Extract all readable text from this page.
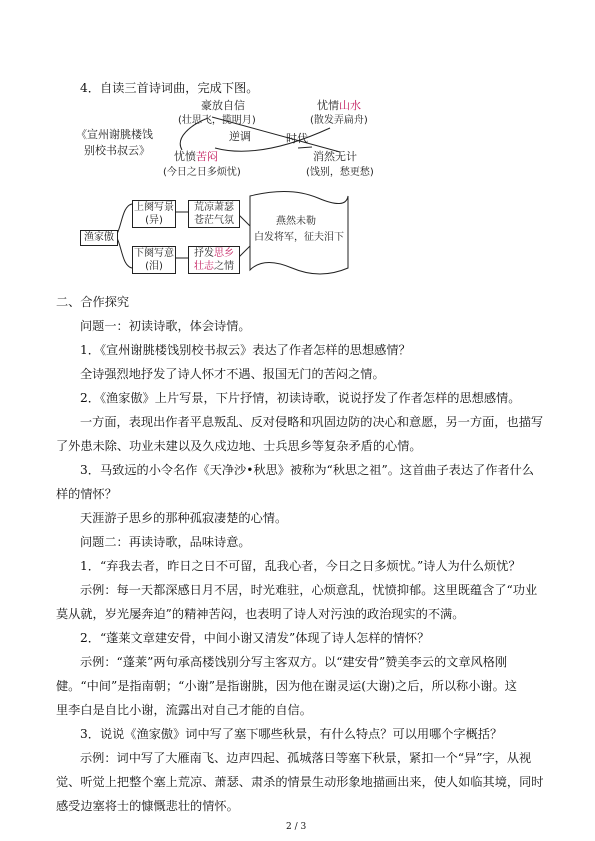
4．自读三首诗词曲，完成下图。
《宣州谢朓楼饯
别校书叔云》
豪放自信
(壮思飞，揽明月)
逆调	时代
忧愤苦闷
(今日之日多烦忧)
忧情山水
(散发弄扁舟)
消然无计
(饯别，愁更愁)
渔家傲
上阕写景
(异)
下阕写意
(泪)
荒凉萧瑟
苍茫气氛
抒发思乡
壮志之情
燕然未勒
白发将军，征夫泪下
二、合作探究
问题一：初读诗歌，体会诗情。
1．《宣州谢朓楼饯别校书叔云》表达了作者怎样的思想感情？
全诗强烈地抒发了诗人怀才不遇、报国无门的苦闷之情。
2．《渔家傲》上片写景，下片抒情，初读诗歌，说说抒发了作者怎样的思想感情。
一方面，表现出作者平息叛乱、反对侵略和巩固边防的决心和意愿，另一方面，也描写
了外患未除、功业未建以及久戍边地、士兵思乡等复杂矛盾的心情。
3．马致远的小令名作《天净沙•秋思》被称为“秋思之祖”。这首曲子表达了作者什么
样的情怀？
天涯游子思乡的那种孤寂凄楚的心情。
问题二：再读诗歌，品味诗意。
1．“弃我去者，昨日之日不可留，乱我心者，今日之日多烦忧。”诗人为什么烦忧？
示例：每一天都深感日月不居，时光难驻，心烦意乱，忧愤抑郁。这里既蕴含了“功业
莫从就，岁光屡奔迫”的精神苦闷，也表明了诗人对污浊的政治现实的不满。
2．“蓬莱文章建安骨，中间小谢又清发”体现了诗人怎样的情怀？
示例：“蓬莱”两句承高楼饯别分写主客双方。以“建安骨”赞美李云的文章风格刚
健。“中间”是指南朝；“小谢”是指谢朓，因为他在谢灵运(大谢)之后，所以称小谢。这
里李白是自比小谢，流露出对自己才能的自信。
3．说说《渔家傲》词中写了塞下哪些秋景，有什么特点？可以用哪个字概括？
示例：词中写了大雁南飞、边声四起、孤城落日等塞下秋景，紧扣一个“异”字，从视
觉、听觉上把整个塞上荒凉、萧瑟、肃杀的情景生动形象地描画出来，使人如临其境，同时
感受边塞将士的慷慨悲壮的情怀。
2 / 3
